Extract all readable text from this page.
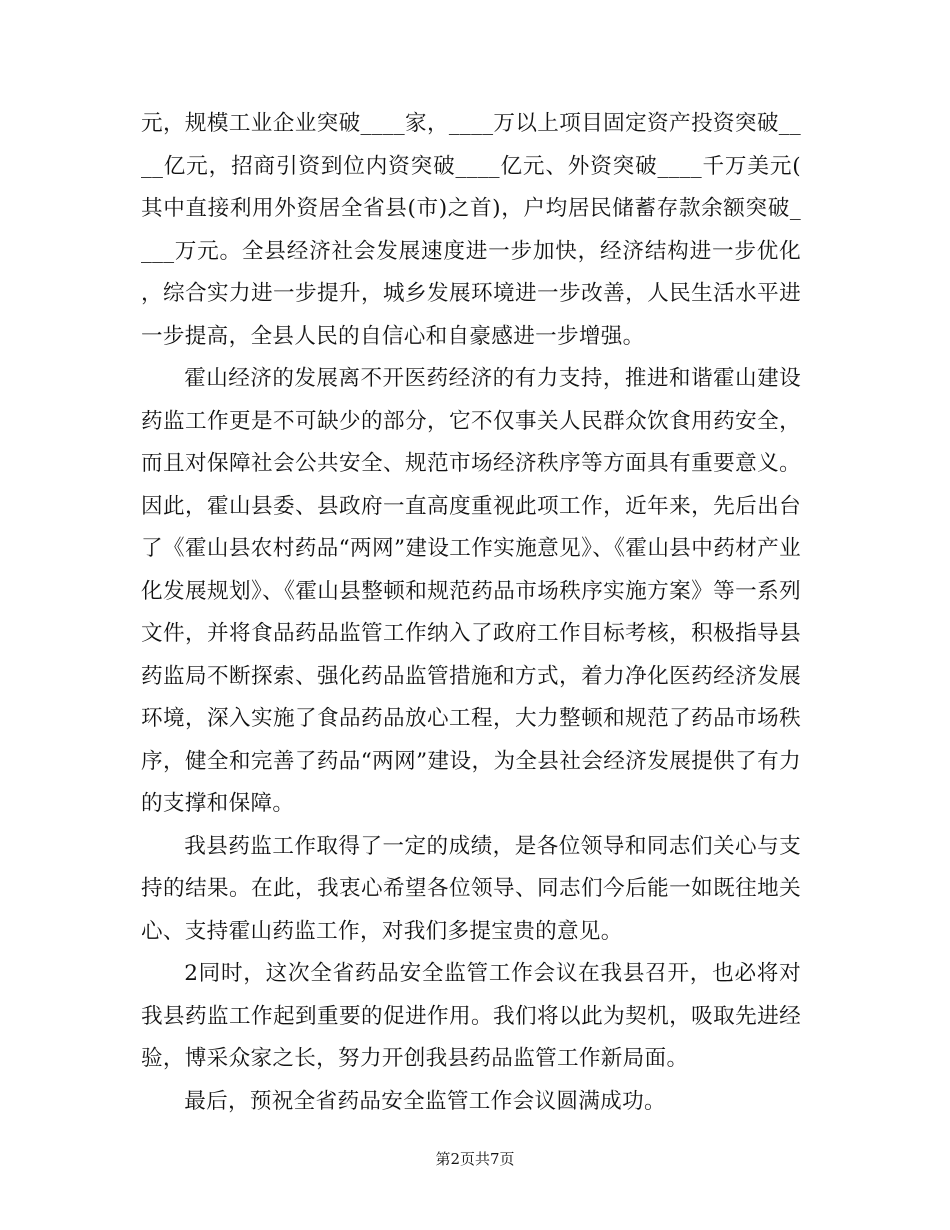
元，规模工业企业突破____家，____万以上项目固定资产投资突破____亿元，招商引资到位内资突破____亿元、外资突破____千万美元(其中直接利用外资居全省县(市)之首)，户均居民储蓄存款余额突破____万元。全县经济社会发展速度进一步加快，经济结构进一步优化，综合实力进一步提升，城乡发展环境进一步改善，人民生活水平进一步提高，全县人民的自信心和自豪感进一步增强。

霍山经济的发展离不开医药经济的有力支持，推进和谐霍山建设药监工作更是不可缺少的部分，它不仅事关人民群众饮食用药安全，而且对保障社会公共安全、规范市场经济秩序等方面具有重要意义。因此，霍山县委、县政府一直高度重视此项工作，近年来，先后出台了《霍山县农村药品“两网”建设工作实施意见》、《霍山县中药材产业化发展规划》、《霍山县整顿和规范药品市场秩序实施方案》等一系列文件，并将食品药品监管工作纳入了政府工作目标考核，积极指导县药监局不断探索、强化药品监管措施和方式，着力净化医药经济发展环境，深入实施了食品药品放心工程，大力整顿和规范了药品市场秩序，健全和完善了药品“两网”建设，为全县社会经济发展提供了有力的支撑和保障。

我县药监工作取得了一定的成绩，是各位领导和同志们关心与支持的结果。在此，我衷心希望各位领导、同志们今后能一如既往地关心、支持霍山药监工作，对我们多提宝贵的意见。

2同时，这次全省药品安全监管工作会议在我县召开，也必将对我县药监工作起到重要的促进作用。我们将以此为契机，吸取先进经验，博采众家之长，努力开创我县药品监管工作新局面。

最后，预祝全省药品安全监管工作会议圆满成功。

第2页共7页
